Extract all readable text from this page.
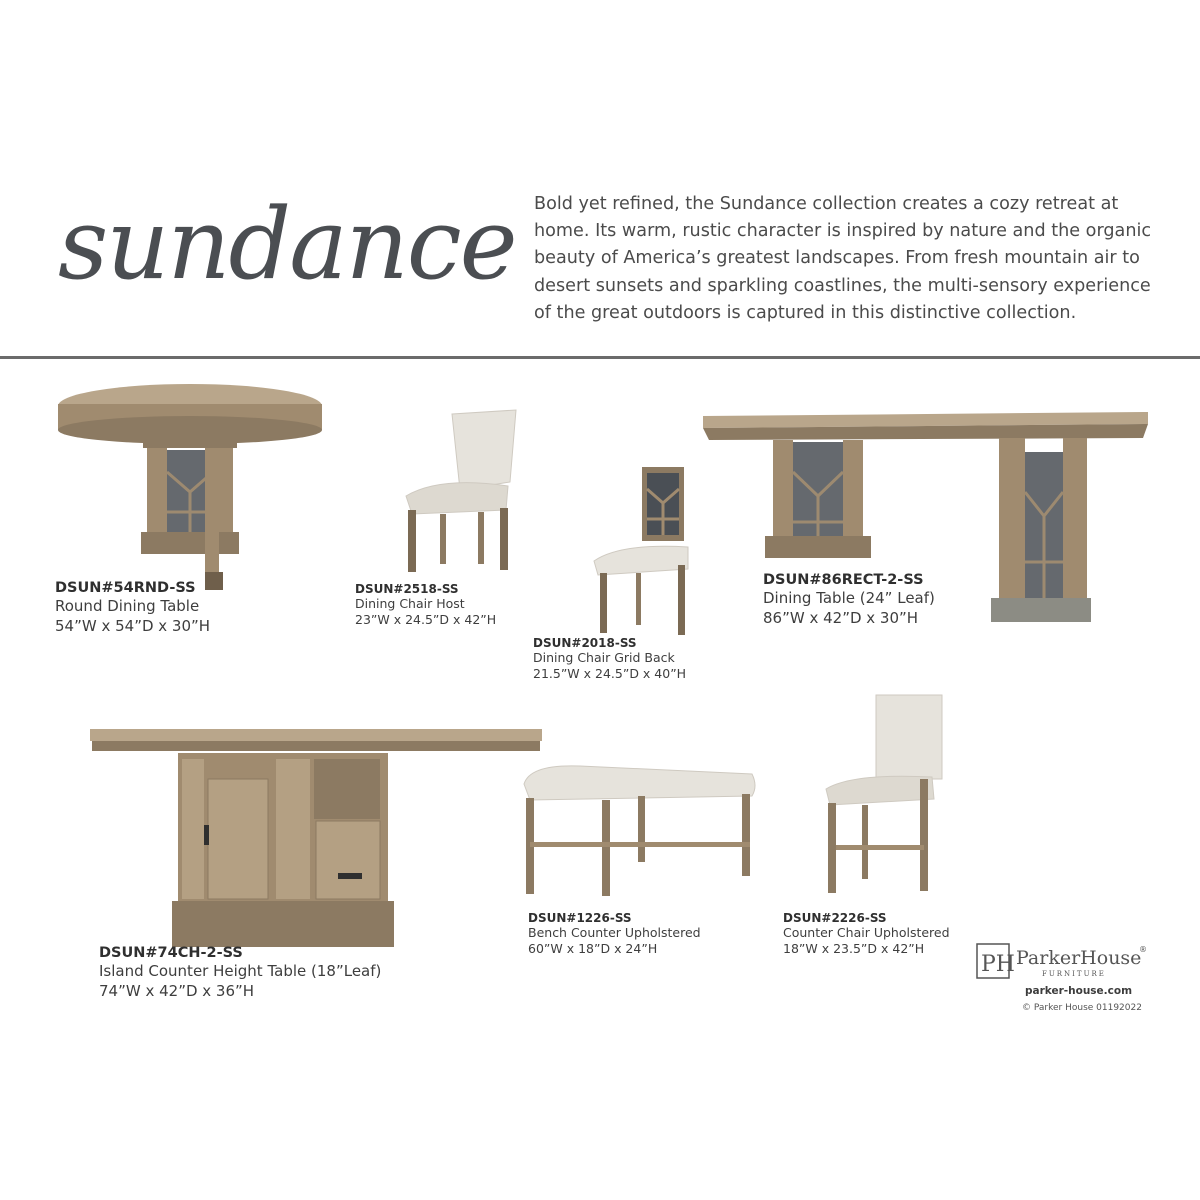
sundance Bold yet refined, the Sundance collection creates a cozy retreat at home. Its warm, rustic character is inspired by nature and the organic beauty of America’s greatest landscapes. From fresh mountain air to desert sunsets and sparkling coastlines, the multi-sensory experience of the great outdoors is captured in this distinctive collection.

DSUN#54RND-SS
Round Dining Table
54”W x 54”D x 30”H
DSUN#2518-SS
Dining Chair Host
23”W x 24.5”D x 42”H
DSUN#2018-SS
Dining Chair Grid Back
21.5”W x 24.5”D x 40”H
DSUN#86RECT-2-SS
Dining Table (24” Leaf)
86”W x 42”D x 30”H
DSUN#74CH-2-SS
Island Counter Height Table (18”Leaf)
74”W x 42”D x 36”H
DSUN#1226-SS
Bench Counter Upholstered
60”W x 18”D x 24”H
DSUN#2226-SS
Counter Chair Upholstered
18”W x 23.5”D x 42”H
PH ParkerHouse
®
FURNITURE
parker-house.com
© Parker House 01192022
